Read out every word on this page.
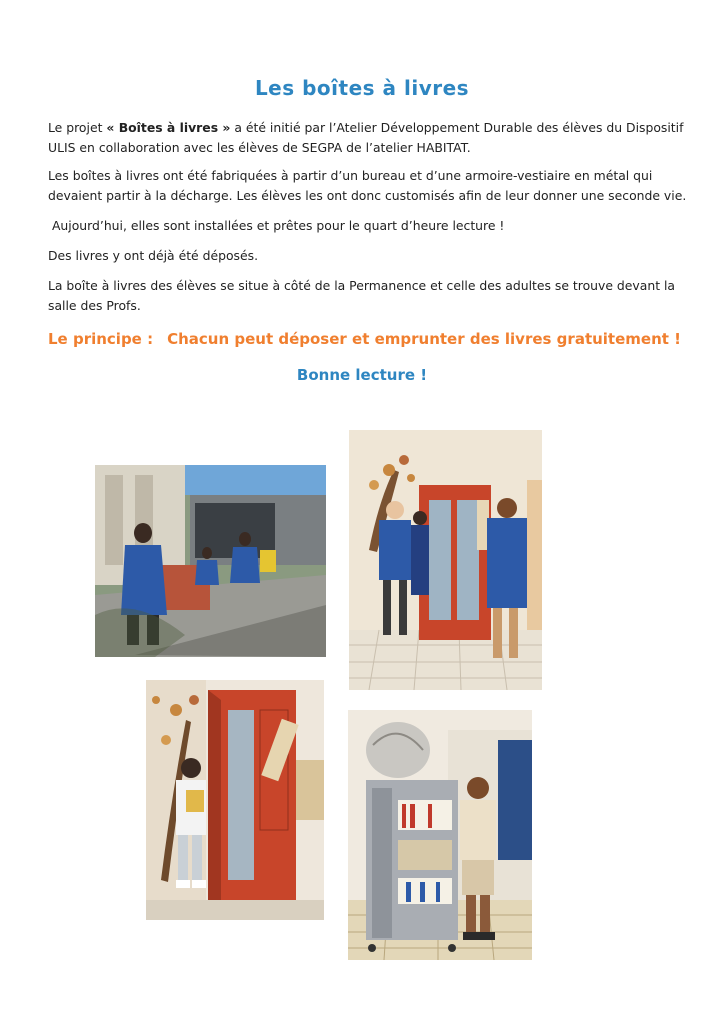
Les boîtes à livres

Le projet « Boîtes à livres » a été initié par l’Atelier Développement Durable des élèves du Dispositif ULIS en collaboration avec les élèves de SEGPA de l’atelier HABITAT.

Les boîtes à livres ont été fabriquées à partir d’un bureau et d’une armoire-vestiaire en métal qui devaient partir à la décharge. Les élèves les ont donc customisés afin de leur donner une seconde vie.

Aujourd’hui, elles sont installées et prêtes pour le quart d’heure lecture !

Des livres y ont déjà été déposés.

La boîte à livres des élèves se situe à côté de la Permanence et celle des adultes se trouve devant la salle des Profs.

Le principe : Chacun peut déposer et emprunter des livres gratuitement !
Bonne lecture !
